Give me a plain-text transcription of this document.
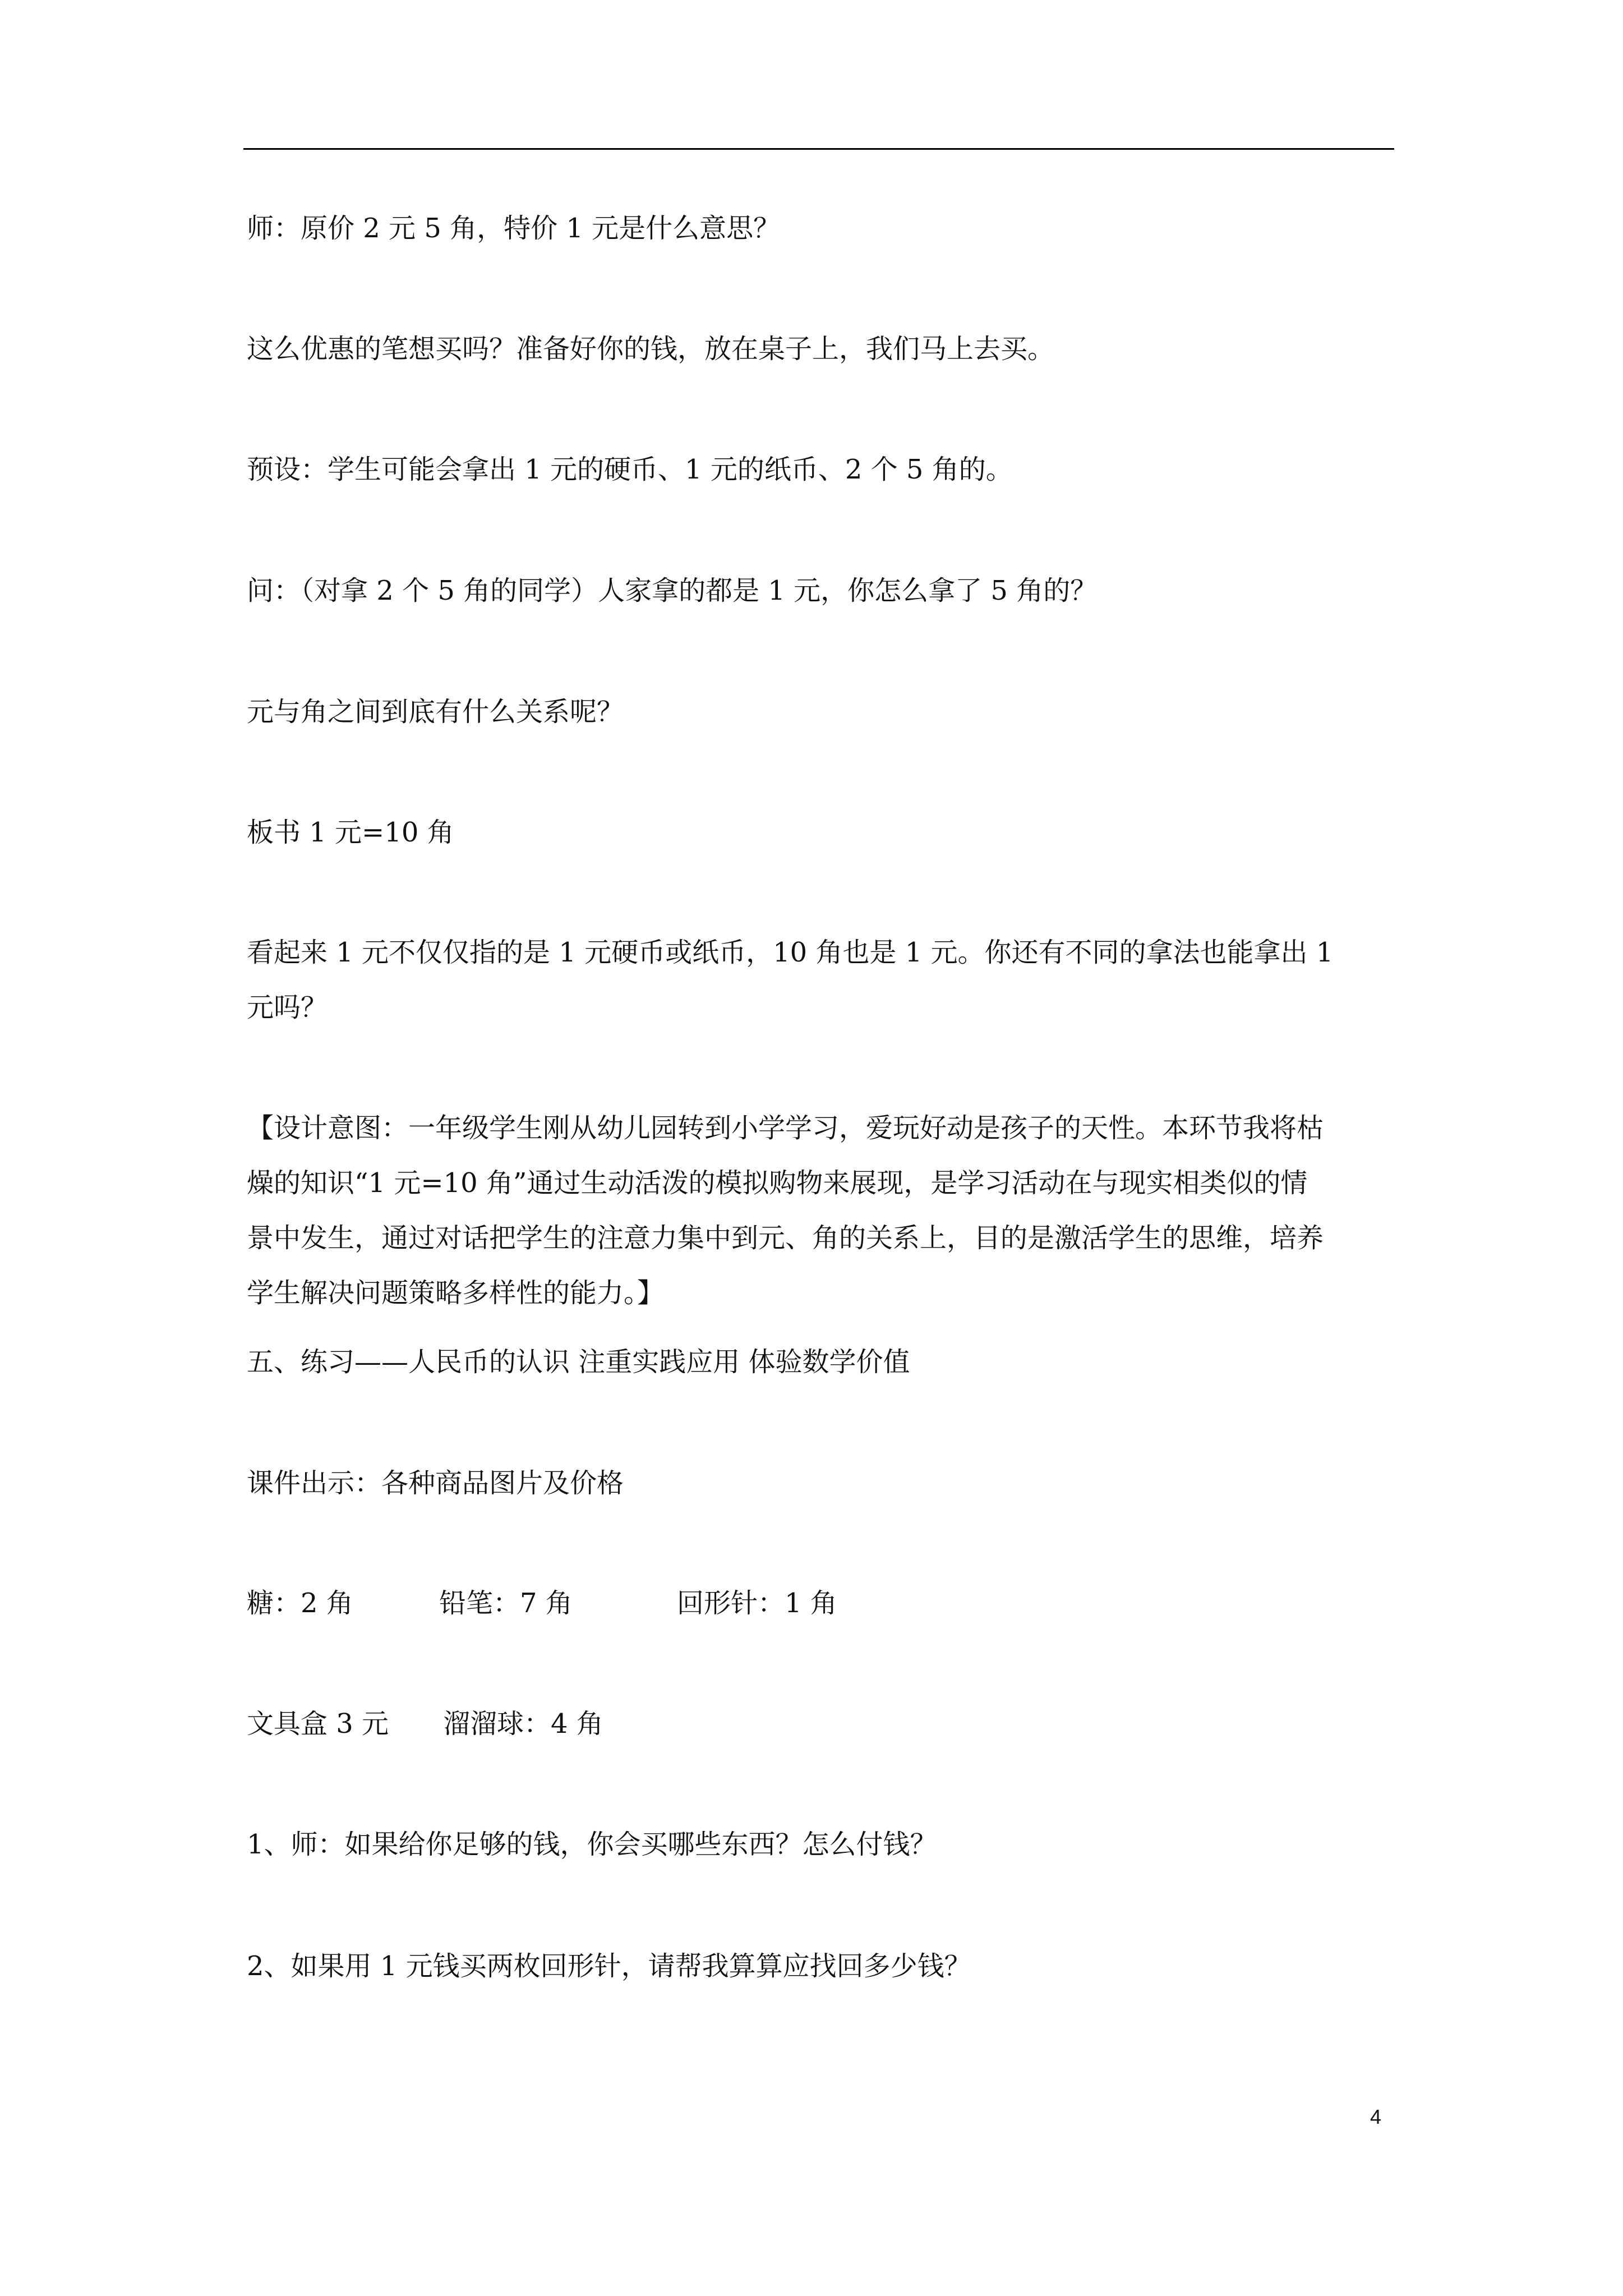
师：原价 2 元 5 角，特价 1 元是什么意思？
这么优惠的笔想买吗？准备好你的钱，放在桌子上，我们马上去买。
预设：学生可能会拿出 1 元的硬币、1 元的纸币、2 个 5 角的。
问：（对拿 2 个 5 角的同学）人家拿的都是 1 元，你怎么拿了 5 角的？
元与角之间到底有什么关系呢？
板书 1 元=10 角
看起来 1 元不仅仅指的是 1 元硬币或纸币，10 角也是 1 元。你还有不同的拿法也能拿出 1
元吗？
【设计意图：一年级学生刚从幼儿园转到小学学习，爱玩好动是孩子的天性。本环节我将枯
燥的知识“1 元=10 角”通过生动活泼的模拟购物来展现，是学习活动在与现实相类似的情
景中发生，通过对话把学生的注意力集中到元、角的关系上，目的是激活学生的思维，培养
学生解决问题策略多样性的能力。】
五、练习——人民币的认识 注重实践应用 体验数学价值
课件出示：各种商品图片及价格
糖：2 角	铅笔：7 角	回形针：1 角
文具盒 3 元 溜溜球：4 角
1、师：如果给你足够的钱，你会买哪些东西？怎么付钱？
2、如果用 1 元钱买两枚回形针，请帮我算算应找回多少钱？
4
